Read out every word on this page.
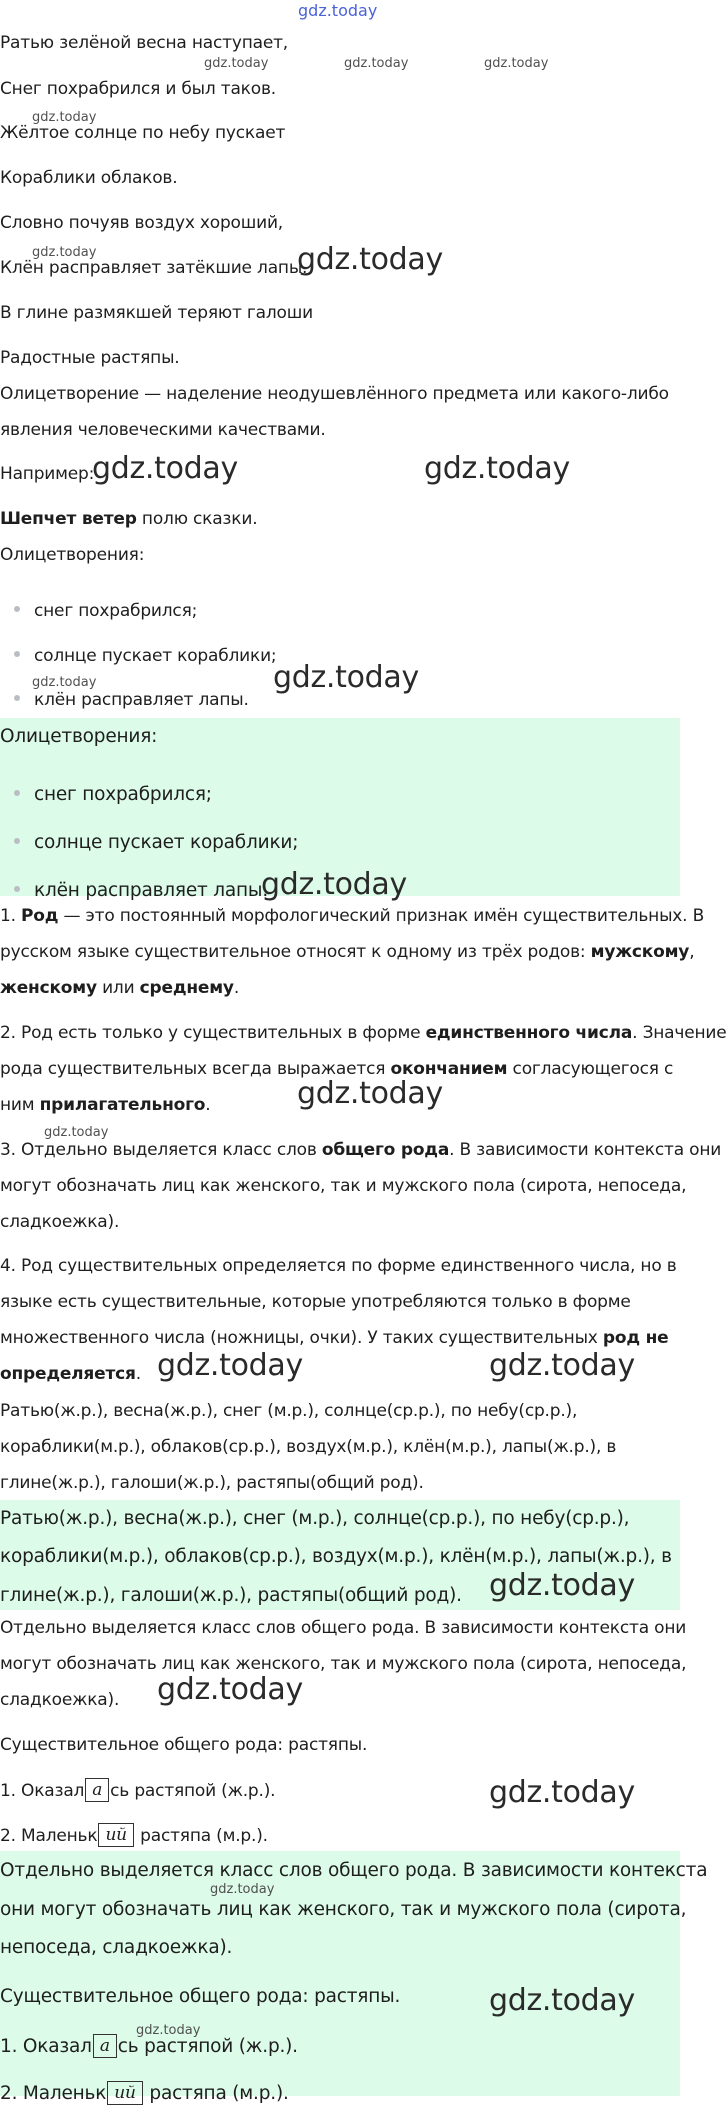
gdz.today
Ратью зелёной весна наступает,
Снег похрабрился и был таков.
Жёлтое солнце по небу пускает
Кораблики облаков.
Словно почуяв воздух хороший,
Клён расправляет затёкшие лапы.
В глине размякшей теряют галоши
Радостные растяпы.
Олицетворение — наделение неодушевлённого предмета или какого-либо
явления человеческими качествами.
Например:
Шепчет ветер полю сказки.
Олицетворения:
снег похрабрился;
солнце пускает кораблики;
клён расправляет лапы.
Олицетворения:
снег похрабрился;
солнце пускает кораблики;
клён расправляет лапы.
1. Род — это постоянный морфологический признак имён существительных. В
русском языке существительное относят к одному из трёх родов: мужскому,
женскому или среднему.
2. Род есть только у существительных в форме единственного числа. Значение
рода существительных всегда выражается окончанием согласующегося с
ним прилагательного.
3. Отдельно выделяется класс слов общего рода. В зависимости контекста они
могут обозначать лиц как женского, так и мужского пола (сирота, непоседа,
сладкоежка).
4. Род существительных определяется по форме единственного числа, но в
языке есть существительные, которые употребляются только в форме
множественного числа (ножницы, очки). У таких существительных род не
определяется.
Ратью(ж.р.), весна(ж.р.), снег (м.р.), солнце(ср.р.), по небу(ср.р.),
кораблики(м.р.), облаков(ср.р.), воздух(м.р.), клён(м.р.), лапы(ж.р.), в
глине(ж.р.), галоши(ж.р.), растяпы(общий род).
Ратью(ж.р.), весна(ж.р.), снег (м.р.), солнце(ср.р.), по небу(ср.р.),
кораблики(м.р.), облаков(ср.р.), воздух(м.р.), клён(м.р.), лапы(ж.р.), в
глине(ж.р.), галоши(ж.р.), растяпы(общий род).
Отдельно выделяется класс слов общего рода. В зависимости контекста они
могут обозначать лиц как женского, так и мужского пола (сирота, непоседа,
сладкоежка).
Существительное общего рода: растяпы.
1. Оказал а сь растяпой (ж.р.).
2. Маленьк ий растяпа (м.р.).
Отдельно выделяется класс слов общего рода. В зависимости контекста
они могут обозначать лиц как женского, так и мужского пола (сирота,
непоседа, сладкоежка).
Существительное общего рода: растяпы.
1. Оказал а сь растяпой (ж.р.).
2. Маленьк ий растяпа (м.р.).
gdz.today	gdz.today	gdz.today
gdz.today
gdz.today
gdz.today
gdz.today
gdz.today
gdz.today
gdz.today
gdz.today	gdz.today
gdz.today
gdz.today
gdz.today
gdz.today	gdz.today
gdz.today
gdz.today
gdz.today
gdz.today
